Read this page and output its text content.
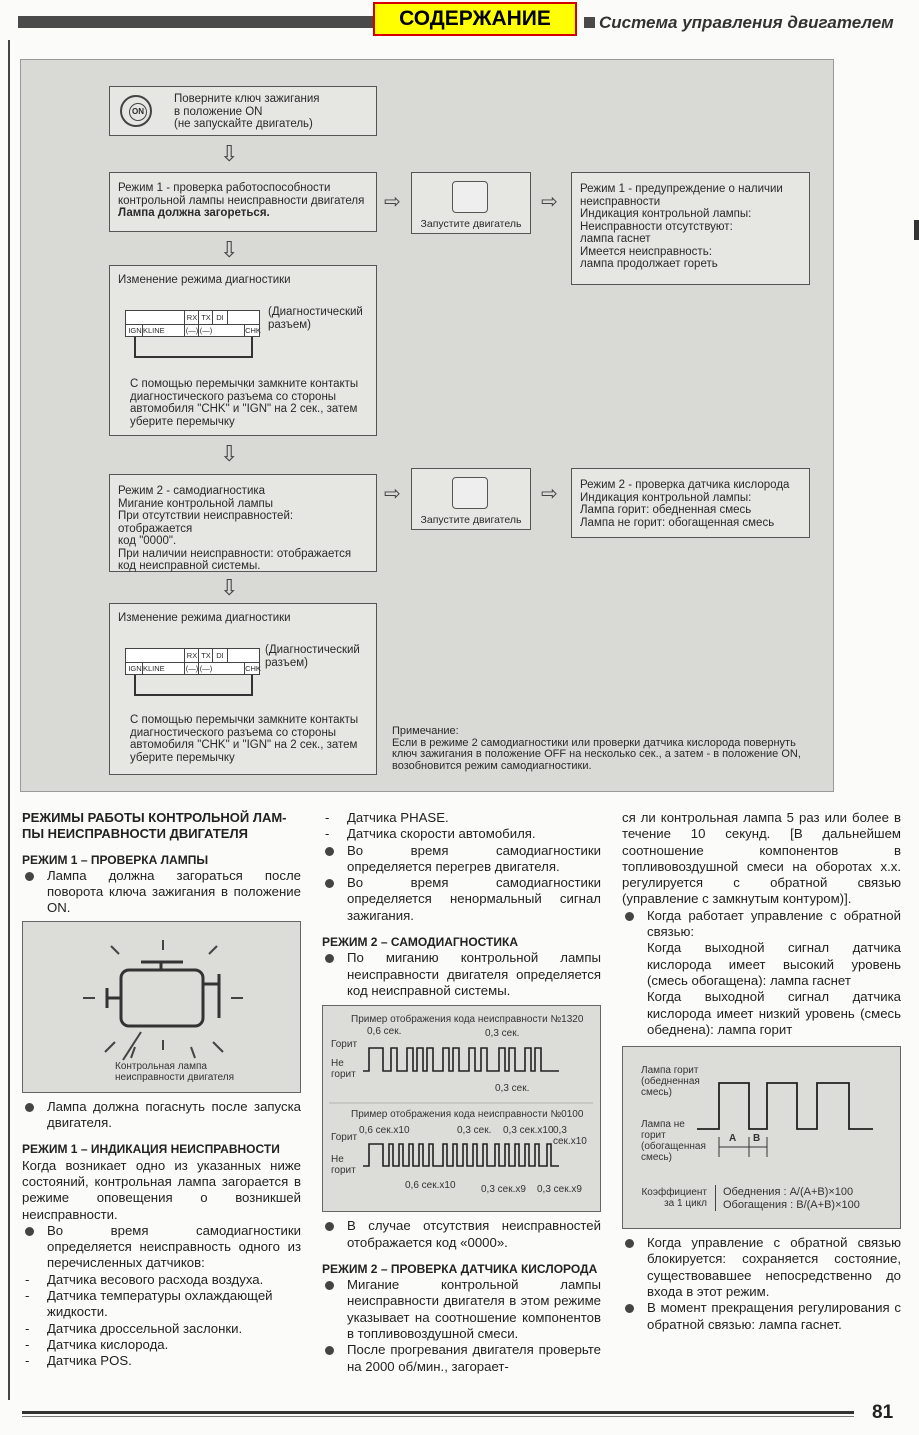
СОДЕРЖАНИЕ	Система управления двигателем
ON

Поверните ключ зажигания

в положение ON

(не запускайте двигатель)

⇩

Режим 1 - проверка работоспособности

контрольной лампы неисправности двигателя

Лампа должна загореться.	⇨
Запустите двигатель
⇨

Режим 1 - предупреждение о наличии

неисправности

Индикация контрольной лампы:

Неисправности отсутствуют:

лампа гаснет

Имеется неисправность:

лампа продолжает гореть

⇩

Изменение режима диагностики

RX TX DI
IGN KLINE	(—) (—)	CHK

(Диагностический

разъем)

С помощью перемычки замкните контакты

диагностического разъема со стороны

автомобиля "CHK" и "IGN" на 2 сек., затем

уберите перемычку

⇩

Режим 2 - самодиагностика

Мигание контрольной лампы

При отсутствии неисправностей: отображается

код "0000".

При наличии неисправности: отображается

код неисправной системы.

⇨
Запустите двигатель
⇨ Режим 2 - проверка датчика кислорода

Индикация контрольной лампы:

Лампа горит: обедненная смесь

Лампа не горит: обогащенная смесь

⇩

Изменение режима диагностики

RX TX DI
IGN KLINE	(—) (—)	CHK

(Диагностический

разъем)

С помощью перемычки замкните контакты

диагностического разъема со стороны

автомобиля "CHK" и "IGN" на 2 сек., затем

уберите перемычку

Примечание:
Если в режиме 2 самодиагностики или проверки датчика кислорода повернуть
ключ зажигания в положение OFF на несколько сек., а затем - в положение ON,
возобновится режим самодиагностики.

РЕЖИМЫ РАБОТЫ КОНТРОЛЬНОЙ ЛАМ-

ПЫ НЕИСПРАВНОСТИ ДВИГАТЕЛЯ

РЕЖИМ 1 – ПРОВЕРКА ЛАМПЫ

Лампа должна загораться после поворота ключа зажигания в положение ON.
Контрольная лампа
неисправности двигателя
Лампа должна погаснуть после запуска двигателя.

РЕЖИМ 1 – ИНДИКАЦИЯ НЕИСПРАВНОСТИ

Когда возникает одно из указанных ниже состояний, контрольная лампа загорается в режиме оповещения о возникшей неисправности.
Во время самодиагностики определяется неисправность одного из перечисленных датчиков:
- Датчика весового расхода воздуха.
- Датчика температуры охлаждающей жидкости.
- Датчика дроссельной заслонки.
- Датчика кислорода.
- Датчика POS.
- Датчика PHASE.
- Датчика скорости автомобиля.
Во время самодиагностики определяется перегрев двигателя.
Во время самодиагностики определяется ненормальный сигнал зажигания.

РЕЖИМ 2 – САМОДИАГНОСТИКА

По миганию контрольной лампы неисправности двигателя определяется код неисправной системы.
Пример отображения кода неисправности №1320
Горит
Не
горит
0,6 сек.	0,3 сек.
0,3 сек.
Пример отображения кода неисправности №0100
Горит
Не
горит
0,6 сек.x10	0,3 сек. 0,3 сек.x10 0,3 сек.x10
0,6 сек.x10	0,3 сек.x9 0,3 сек.x9
В случае отсутствия неисправностей отображается код «0000».

РЕЖИМ 2 – ПРОВЕРКА ДАТЧИКА КИСЛОРОДА

Мигание контрольной лампы неисправности двигателя в этом режиме указывает на соотношение компонентов в топливовоздушной смеси.
После прогревания двигателя проверьте на 2000 об/мин., загорает-
ся ли контрольная лампа 5 раз или более в течение 10 секунд. [В дальнейшем соотношение компонентов в топливовоздушной смеси на оборотах х.х. регулируется с обратной связью (управление с замкнутым контуром)].
Когда работает управление с обратной связью:
Когда выходной сигнал датчика кислорода имеет высокий уровень (смесь обогащена): лампа гаснет
Когда выходной сигнал датчика кислорода имеет низкий уровень (смесь обеднена): лампа горит
Лампа горит
(обедненная
смесь)
Лампа не
горит
(обогащенная
смесь)
A B
Коэффициент
за 1 цикл
Обеднения : A/(A+B)×100
Обогащения : B/(A+B)×100
Когда управление с обратной связью блокируется: сохраняется состояние, существовавшее непосредственно до входа в этот режим.
В момент прекращения регулирования с обратной связью: лампа гаснет.
81
